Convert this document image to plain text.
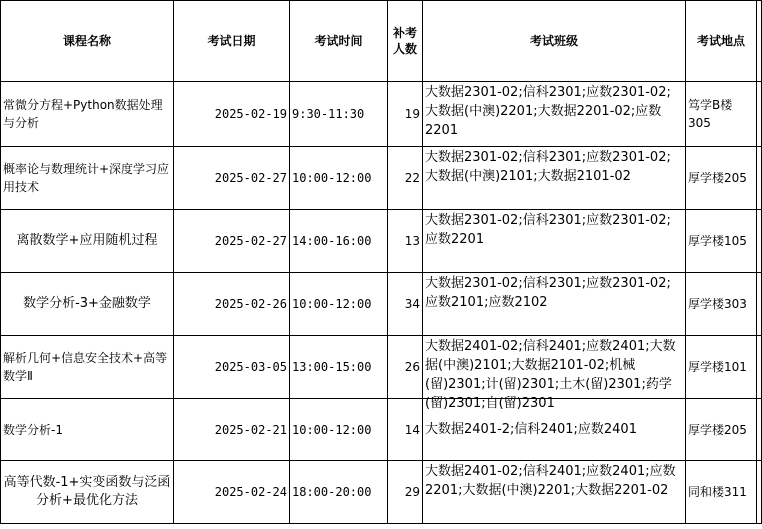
课程名称	考试日期	考试时间	补考人数	考试班级	考试地点	
常微分方程+Python数据处理与分析	2025-02-19	9:30-11:30	19	大数据2301-02;信科2301;应数2301-02;大数据(中澳)2201;大数据2201-02;应数2201	笃学B楼305	
概率论与数理统计+深度学习应用技术	2025-02-27	10:00-12:00	22	大数据2301-02;信科2301;应数2301-02;大数据(中澳)2101;大数据2101-02	厚学楼205	
离散数学+应用随机过程	2025-02-27	14:00-16:00	13	大数据2301-02;信科2301;应数2301-02;应数2201	厚学楼105	
数学分析-3+金融数学	2025-02-26	10:00-12:00	34	大数据2301-02;信科2301;应数2301-02;应数2101;应数2102	厚学楼303	
解析几何+信息安全技术+高等数学Ⅱ	2025-03-05	13:00-15:00	26	大数据2401-02;信科2401;应数2401;大数据(中澳)2101;大数据2101-02;机械(留)2301;计(留)2301;土木(留)2301;药学(留)2301;自(留)2301	厚学楼101	
数学分析-1	2025-02-21	10:00-12:00	14	大数据2401-2;信科2401;应数2401	厚学楼205	
高等代数-1+实变函数与泛函分析+最优化方法	2025-02-24	18:00-20:00	29	大数据2401-02;信科2401;应数2401;应数2201;大数据(中澳)2201;大数据2201-02	同和楼311	
